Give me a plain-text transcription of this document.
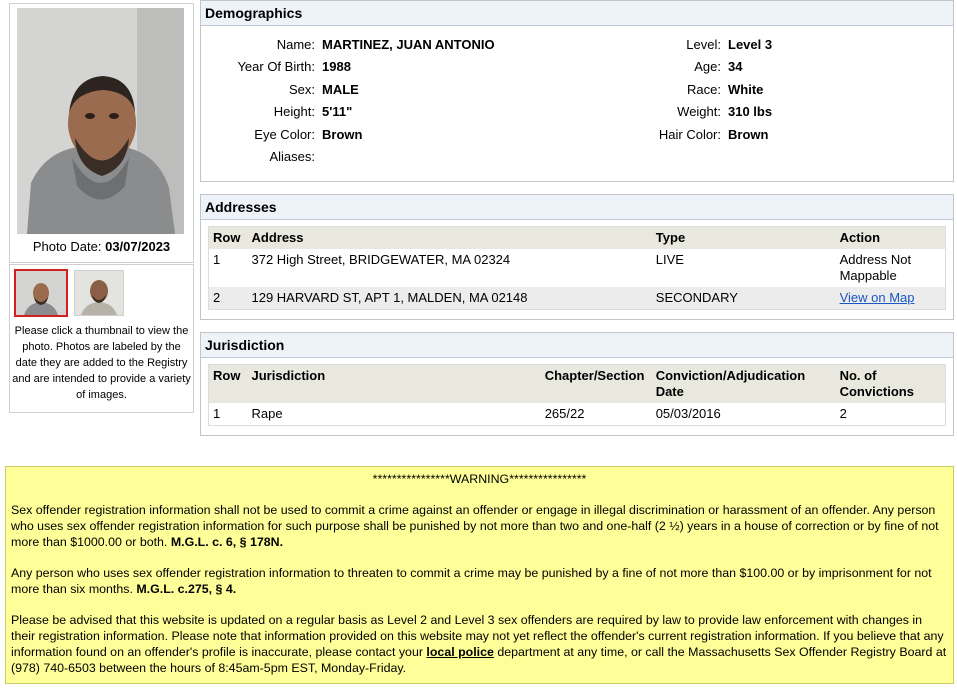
Photo Date: 03/07/2023
Please click a thumbnail to view the photo. Photos are labeled by the date they are added to the Registry and are intended to provide a variety of images.
Demographics
Name: MARTINEZ, JUAN ANTONIO
Year Of Birth: 1988
Sex: MALE
Height: 5'11"
Eye Color: Brown
Aliases:
Level: Level 3
Age: 34
Race: White
Weight: 310 lbs
Hair Color: Brown
Addresses
Row	Address	Type	Action
1	372 High Street, BRIDGEWATER, MA 02324	LIVE	Address Not
Mappable
2	129 HARVARD ST, APT 1, MALDEN, MA 02148	SECONDARY	View on Map
Jurisdiction
Row	Jurisdiction	Chapter/Section	Conviction/Adjudication Date	No. of Convictions
1	Rape	265/22	05/03/2016	2
****************WARNING****************

Sex offender registration information shall not be used to commit a crime against an offender or engage in illegal discrimination or harassment of an offender. Any person who uses sex offender registration information for such purpose shall be punished by not more than two and one-half (2 ½) years in a house of correction or by fine of not more than $1000.00 or both. M.G.L. c. 6, § 178N.

Any person who uses sex offender registration information to threaten to commit a crime may be punished by a fine of not more than $100.00 or by imprisonment for not more than six months. M.G.L. c.275, § 4.

Please be advised that this website is updated on a regular basis as Level 2 and Level 3 sex offenders are required by law to provide law enforcement with changes in their registration information. Please note that information provided on this website may not yet reflect the offender's current registration information. If you believe that any information found on an offender's profile is inaccurate, please contact your local police department at any time, or call the Massachusetts Sex Offender Registry Board at (978) 740-6503 between the hours of 8:45am-5pm EST, Monday-Friday.
